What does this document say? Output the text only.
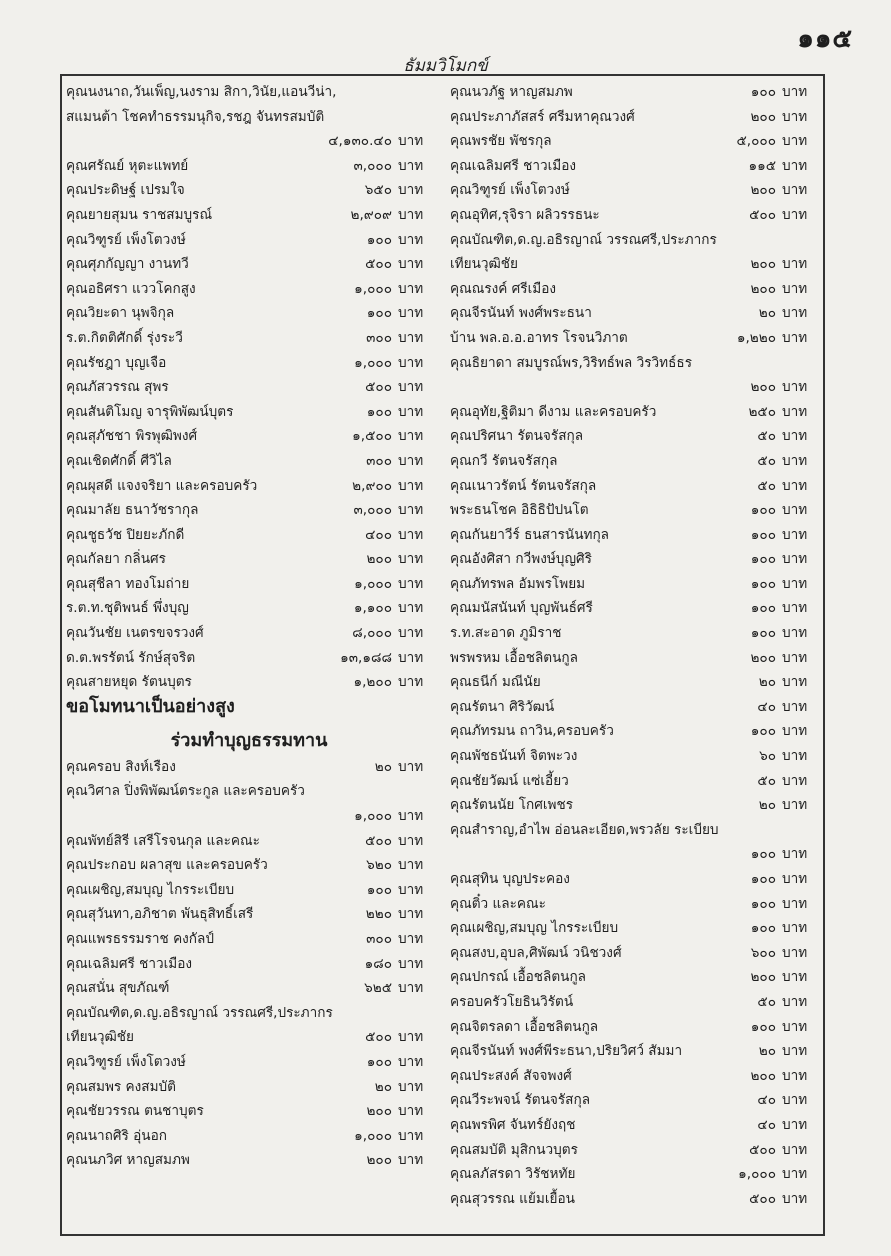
๑๑๕
ธัมมวิโมกข์
คุณนงนาถ,วันเพ็ญ,นงราม สิกา,วินัย,แอนวีน่า,
สแมนต้า โชคทำธรรมนุกิจ,รชฎ จันทรสมบัติ
๔,๑๓๐.๔๐ บาท
คุณศรัณย์ หุตะแพทย์	๓,๐๐๐ บาท
คุณประดิษฐ์ เปรมใจ	๖๕๐ บาท
คุณยายสุมน ราชสมบูรณ์	๒,๙๐๙ บาท
คุณวิฑูรย์ เพ็งโตวงษ์	๑๐๐ บาท
คุณศุภกัญญา งานทวี	๕๐๐ บาท
คุณอธิศรา แววโคกสูง	๑,๐๐๐ บาท
คุณวิยะดา นุพจิกุล	๑๐๐ บาท
ร.ต.กิตติศักดิ์ รุ่งระวี	๓๐๐ บาท
คุณรัชฎา บุญเจือ	๑,๐๐๐ บาท
คุณภัสวรรณ สุพร	๕๐๐ บาท
คุณสันติโมญ จารุพิพัฒน์บุตร	๑๐๐ บาท
คุณสุภัชชา พิรพุฒิพงศ์	๑,๕๐๐ บาท
คุณเชิดศักดิ์ ศีวิไล	๓๐๐ บาท
คุณผุสดี แจงจริยา และครอบครัว	๒,๙๐๐ บาท
คุณมาลัย ธนาวัชรากุล	๓,๐๐๐ บาท
คุณชูธวัช ปิยยะภักดี	๔๐๐ บาท
คุณกัลยา กลิ่นศร	๒๐๐ บาท
คุณสุชีลา ทองโมถ่าย	๑,๐๐๐ บาท
ร.ต.ท.ชุติพนธ์ พึ่งบุญ	๑,๑๐๐ บาท
คุณวันชัย เนตรขจรวงศ์	๘,๐๐๐ บาท
ด.ต.พรรัตน์ รักษ์สุจริต	๑๓,๑๘๘ บาท
คุณสายหยุด รัตนบุตร	๑,๒๐๐ บาท
ขอโมทนาเป็นอย่างสูง
ร่วมทำบุญธรรมทาน
คุณครอบ สิงห์เรือง	๒๐ บาท
คุณวิศาล ปิ่งพิพัฒน์ตระกูล และครอบครัว
๑,๐๐๐ บาท
คุณพัทย์สิรี เสรีโรจนกุล และคณะ	๕๐๐ บาท
คุณประกอบ ผลาสุข และครอบครัว	๖๒๐ บาท
คุณเผชิญ,สมบุญ ไกรระเบียบ	๑๐๐ บาท
คุณสุวันทา,อภิชาต พันธุสิทธิ์เสรี	๒๒๐ บาท
คุณแพรธรรมราช คงกัลป์	๓๐๐ บาท
คุณเฉลิมศรี ชาวเมือง	๑๘๐ บาท
คุณสนั่น สุขภัณฑ์	๖๒๕ บาท
คุณบัณฑิต,ด.ญ.อธิรญาณ์ วรรณศรี,ประภากร
เทียนวุฒิชัย	๕๐๐ บาท
คุณวิฑูรย์ เพ็งโตวงษ์	๑๐๐ บาท
คุณสมพร คงสมบัติ	๒๐ บาท
คุณชัยวรรณ ตนชาบุตร	๒๐๐ บาท
คุณนาถศิริ อุ่นอก	๑,๐๐๐ บาท
คุณนภวิศ หาญสมภพ	๒๐๐ บาท
คุณนวภัฐ หาญสมภพ	๑๐๐ บาท
คุณประภาภัสสร์ ศรีมหาคุณวงศ์	๒๐๐ บาท
คุณพรชัย พัชรกุล	๕,๐๐๐ บาท
คุณเฉลิมศรี ชาวเมือง	๑๑๕ บาท
คุณวิฑูรย์ เพ็งโตวงษ์	๒๐๐ บาท
คุณอุทิศ,รุจิรา ผลิวรรธนะ	๕๐๐ บาท
คุณบัณฑิต,ด.ญ.อธิรญาณ์ วรรณศรี,ประภากร
เทียนวุฒิชัย	๒๐๐ บาท
คุณณรงค์ ศรีเมือง	๒๐๐ บาท
คุณจีรนันท์ พงศ์พระธนา	๒๐ บาท
บ้าน พล.อ.อ.อาทร โรจนวิภาต	๑,๒๒๐ บาท
คุณธิยาดา สมบูรณ์พร,วิริทธ์พล วิรวิทธ์ธร
๒๐๐ บาท
คุณอุทัย,ฐิติมา ดีงาม และครอบครัว	๒๕๐ บาท
คุณปริศนา รัตนจรัสกุล	๕๐ บาท
คุณกวี รัตนจรัสกุล	๕๐ บาท
คุณเนาวรัตน์ รัตนจรัสกุล	๕๐ บาท
พระธนโชค อิธิธิปัปนโต	๑๐๐ บาท
คุณกันยาวีร์ ธนสารนันทกุล	๑๐๐ บาท
คุณอังศิสา กวีพงษ์บุญศิริ	๑๐๐ บาท
คุณภัทรพล อัมพรโพยม	๑๐๐ บาท
คุณมนัสนันท์ บุญพันธ์ศรี	๑๐๐ บาท
ร.ท.สะอาด ภูมิราช	๑๐๐ บาท
พรพรหม เอื้อชลิตนกูล	๒๐๐ บาท
คุณธนีก์ มณีนัย	๒๐ บาท
คุณรัตนา ศิริวัฒน์	๔๐ บาท
คุณภัทรมน ถาวิน,ครอบครัว	๑๐๐ บาท
คุณพัชธนันท์ จิตพะวง	๖๐ บาท
คุณชัยวัฒน์ แซ่เอี้ยว	๕๐ บาท
คุณรัตนนัย โกศเพชร	๒๐ บาท
คุณสำราญ,อำไพ อ่อนละเอียด,พรวลัย ระเบียบ
๑๐๐ บาท
คุณสุทิน บุญประคอง	๑๐๐ บาท
คุณติ๋ว และคณะ	๑๐๐ บาท
คุณเผชิญ,สมบุญ ไกรระเบียบ	๑๐๐ บาท
คุณสงบ,อุบล,ศิพัฒน์ วนิชวงศ์	๖๐๐ บาท
คุณปกรณ์ เอื้อชลิตนกูล	๒๐๐ บาท
ครอบครัวโยธินวิรัตน์	๕๐ บาท
คุณจิตรลดา เอื้อชลิตนกูล	๑๐๐ บาท
คุณจีรนันท์ พงศ์พีระธนา,ปริยวิศว์ สัมมา	๒๐ บาท
คุณประสงค์ สัจจพงศ์	๒๐๐ บาท
คุณวีระพจน์ รัตนจรัสกุล	๔๐ บาท
คุณพรพิศ จันทร์ยังฤช	๔๐ บาท
คุณสมบัติ มุสิกนวบุตร	๕๐๐ บาท
คุณลภัสรดา วิรัชหทัย	๑,๐๐๐ บาท
คุณสุวรรณ แย้มเยื้อน	๕๐๐ บาท
